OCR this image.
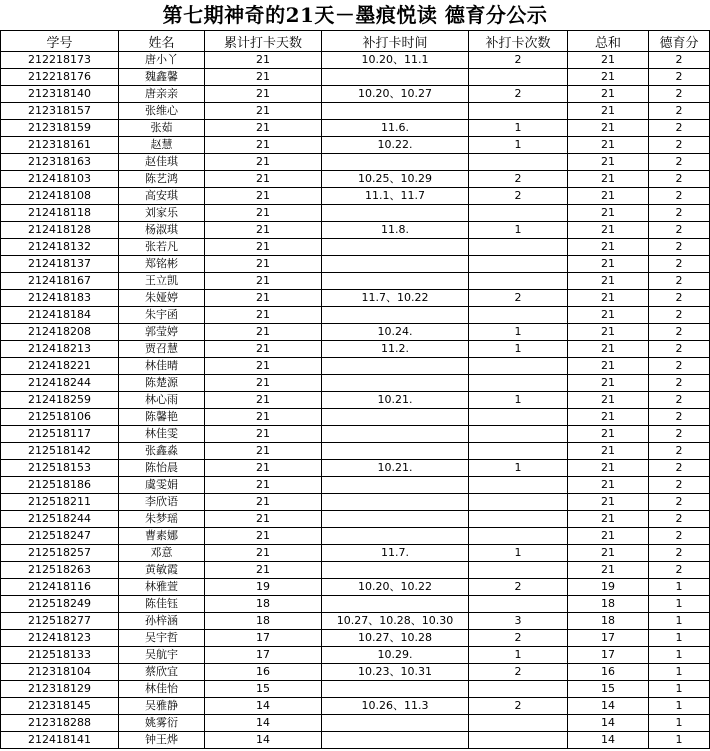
第七期神奇的21天－墨痕悦读 德育分公示
学号	姓名	累计打卡天数	补打卡时间	补打卡次数	总和	德育分
212218173	唐小丫	21	10.20、11.1	2	21	2
212218176	魏鑫馨	21			21	2
212318140	唐亲亲	21	10.20、10.27	2	21	2
212318157	张维心	21			21	2
212318159	张茹	21	11.6.	1	21	2
212318161	赵慧	21	10.22.	1	21	2
212318163	赵佳琪	21			21	2
212418103	陈艺鸿	21	10.25、10.29	2	21	2
212418108	高安琪	21	11.1、11.7	2	21	2
212418118	刘家乐	21			21	2
212418128	杨淑琪	21	11.8.	1	21	2
212418132	张若凡	21			21	2
212418137	郑铭彬	21			21	2
212418167	王立凯	21			21	2
212418183	朱娅婷	21	11.7、10.22	2	21	2
212418184	朱宇函	21			21	2
212418208	郭莹婷	21	10.24.	1	21	2
212418213	贾召慧	21	11.2.	1	21	2
212418221	林佳晴	21			21	2
212418244	陈楚源	21			21	2
212418259	林心雨	21	10.21.	1	21	2
212518106	陈馨艳	21			21	2
212518117	林佳雯	21			21	2
212518142	张鑫淼	21			21	2
212518153	陈怡晨	21	10.21.	1	21	2
212518186	虞雯娟	21			21	2
212518211	李欣语	21			21	2
212518244	朱梦瑶	21			21	2
212518247	曹素娜	21			21	2
212518257	邓意	21	11.7.	1	21	2
212518263	黄敏霞	21			21	2
212418116	林雅萱	19	10.20、10.22	2	19	1
212518249	陈佳钰	18			18	1
212518277	孙梓涵	18	10.27、10.28、10.30	3	18	1
212418123	吴宇哲	17	10.27、10.28	2	17	1
212518133	吴航宇	17	10.29.	1	17	1
212318104	蔡欣宜	16	10.23、10.31	2	16	1
212318129	林佳怡	15			15	1
212318145	吴雅静	14	10.26、11.3	2	14	1
212318288	姚雾衍	14			14	1
212418141	钟王烨	14			14	1
